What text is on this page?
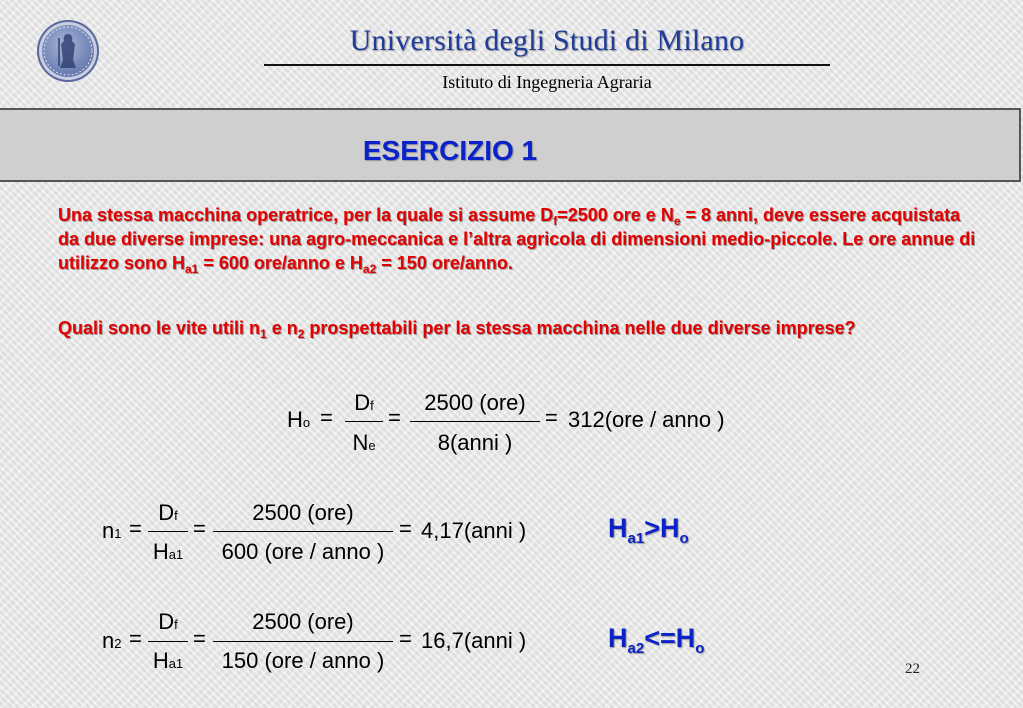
Università degli Studi di Milano
Istituto di Ingegneria Agraria
ESERCIZIO 1
Una stessa macchina operatrice, per la quale si assume $D_f=2500$ ore e $N_e = 8$ anni, deve essere acquistata da due diverse imprese: una agro-meccanica e l’altra agricola di dimensioni medio-piccole. Le ore annue di utilizzo sono $H_{a1} = 600$ ore/anno e $H_{a2} = 150$ ore/anno.
Quali sono le vite utili $n_1$ e $n_2$ prospettabili per la stessa macchina nelle due diverse imprese?
Ho =
Df
Ne
=
2500 (ore)
8(anni )
= 312(ore / anno )
n1 =
Df
Ha1
=
2500 (ore)
600 (ore / anno )
= 4,17(anni )	$H_{a1}>H_o$
n2 =
Df
Ha1
=
2500 (ore)
150 (ore / anno )
= 16,7(anni )	$H_{a2}<=H_o$
22
